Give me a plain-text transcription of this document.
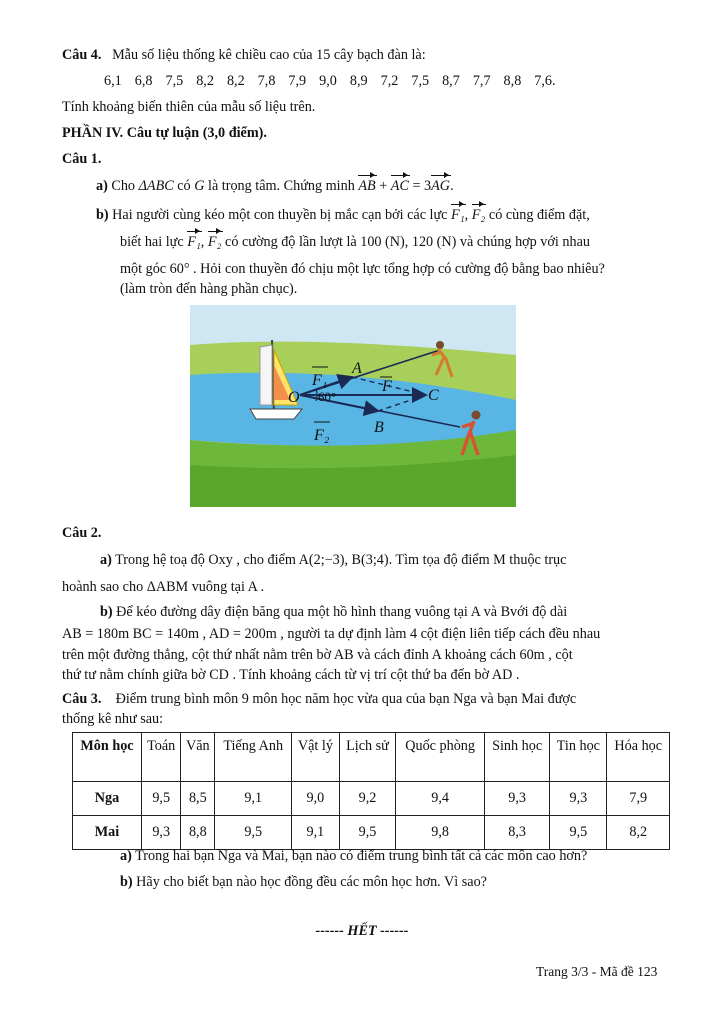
Câu 4. Mẫu số liệu thống kê chiều cao của 15 cây bạch đàn là:
6,1 6,8 7,5 8,2 8,2 7,8 7,9 9,0 8,9 7,2 7,5 8,7 7,7 8,8 7,6.
Tính khoảng biến thiên của mẫu số liệu trên.
PHẦN IV. Câu tự luận (3,0 điểm).
Câu 1.
a) Cho ΔABC có G là trọng tâm. Chứng minh AB + AC = 3AG.
b) Hai người cùng kéo một con thuyền bị mắc cạn bởi các lực F₁, F₂ có cùng điểm đặt,
biết hai lực F₁, F₂ có cường độ lần lượt là 100 (N), 120 (N) và chúng hợp với nhau
một góc 60° . Hỏi con thuyền đó chịu một lực tổng hợp có cường độ bằng bao nhiêu?
(làm tròn đến hàng phần chục).
F₁
F₂
F
A
B
C
O 60°
Câu 2.
a) Trong hệ toạ độ Oxy , cho điểm A(2;−3), B(3;4). Tìm tọa độ điểm M thuộc trục
hoành sao cho ΔABM vuông tại A .
b) Để kéo đường dây điện băng qua một hồ hình thang vuông tại A và Bvới độ dài
AB = 180m BC = 140m , AD = 200m , người ta dự định làm 4 cột điện liên tiếp cách đều nhau
trên một đường thẳng, cột thứ nhất nằm trên bờ AB và cách đỉnh A khoảng cách 60m , cột
thứ tư nằm chính giữa bờ CD . Tính khoảng cách từ vị trí cột thứ ba đến bờ AD .
Câu 3. Điểm trung bình môn 9 môn học năm học vừa qua của bạn Nga và bạn Mai được
thống kê như sau:
Môn học	Toán	Văn	Tiếng Anh	Vật lý	Lịch sử	Quốc phòng	Sinh học	Tin học	Hóa học
Nga	9,5	8,5	9,1	9,0	9,2	9,4	9,3	9,3	7,9
Mai	9,3	8,8	9,5	9,1	9,5	9,8	8,3	9,5	8,2
a) Trong hai bạn Nga và Mai, bạn nào có điểm trung bình tất cả các môn cao hơn?
b) Hãy cho biết bạn nào học đồng đều các môn học hơn. Vì sao?
------ HẾT ------
Trang 3/3 - Mã đề 123
